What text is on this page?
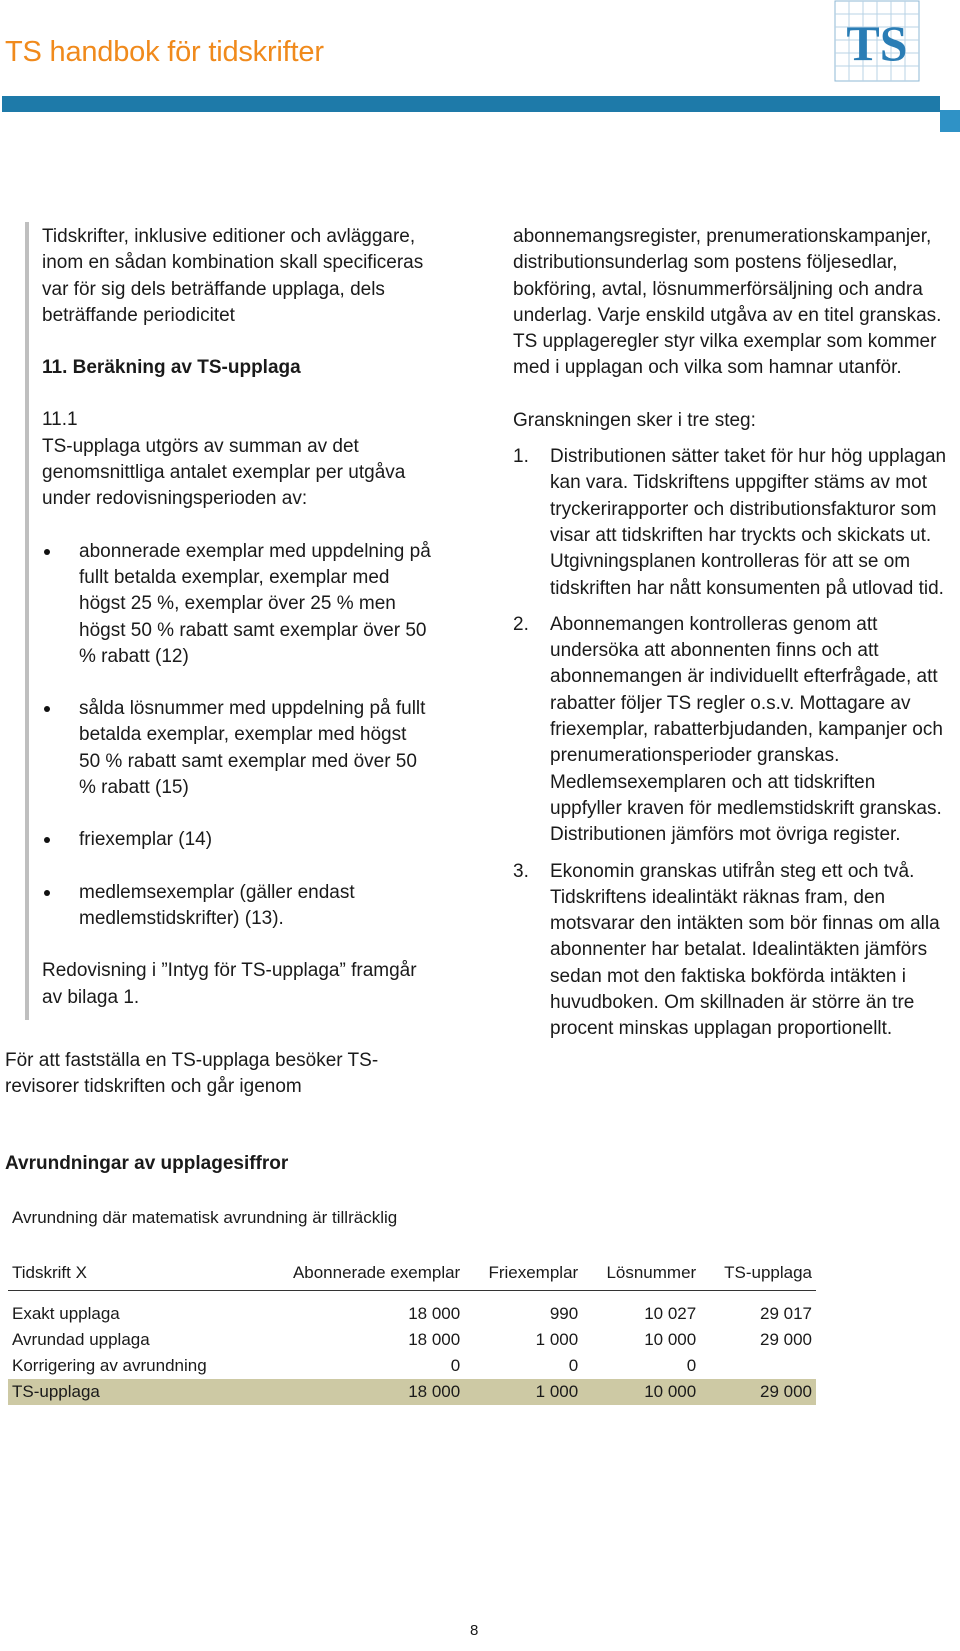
TS handbok för tidskrifter	TS

Tidskrifter, inklusive editioner och avläggare, inom en sådan kombination skall specificeras var för sig dels beträffande upplaga, dels beträffande periodicitet

11. Beräkning av TS-upplaga

11.1

TS-upplaga utgörs av summan av det genomsnittliga antalet exemplar per utgåva under redovisningsperioden av:

abonnerade exemplar med uppdelning på fullt betalda exemplar, exemplar med högst 25 %, exemplar över 25 % men högst 50 % rabatt samt exemplar över 50 % rabatt (12)
sålda lösnummer med uppdelning på fullt betalda exemplar, exemplar med högst 50 % rabatt samt exemplar med över 50 % rabatt (15)
friexemplar (14)
medlemsexemplar (gäller endast medlemstidskrifter) (13).

Redovisning i ”Intyg för TS-upplaga” framgår av bilaga 1.

För att fastställa en TS-upplaga besöker TS-revisorer tidskriften och går igenom

abonnemangsregister, prenumerationskampanjer, distributionsunderlag som postens följesedlar, bokföring, avtal, lösnummerförsäljning och andra underlag. Varje enskild utgåva av en titel granskas. TS upplageregler styr vilka exemplar som kommer med i upplagan och vilka som hamnar utanför.

Granskningen sker i tre steg:

1. Distributionen sätter taket för hur hög upplagan kan vara. Tidskriftens uppgifter stäms av mot tryckerirapporter och distributionsfakturor som visar att tidskriften har tryckts och skickats ut. Utgivningsplanen kontrolleras för att se om tidskriften har nått konsumenten på utlovad tid.
2. Abonnemangen kontrolleras genom att undersöka att abonnenten finns och att abonnemangen är individuellt efterfrågade, att rabatter följer TS regler o.s.v. Mottagare av friexemplar, rabatterbjudanden, kampanjer och prenumerationsperioder granskas. Medlemsexemplaren och att tidskriften uppfyller kraven för medlemstidskrift granskas. Distributionen jämförs mot övriga register.
3. Ekonomin granskas utifrån steg ett och två. Tidskriftens idealintäkt räknas fram, den motsvarar den intäkten som bör finnas om alla abonnenter har betalat. Idealintäkten jämförs sedan mot den faktiska bokförda intäkten i huvudboken. Om skillnaden är större än tre procent minskas upplagan proportionellt.
Avrundningar av upplagesiffror
Avrundning där matematisk avrundning är tillräcklig
Tidskrift X	Abonnerade exemplar	Friexemplar	Lösnummer	TS-upplaga
Exakt upplaga	18 000	990	10 027	29 017
Avrundad upplaga	18 000	1 000	10 000	29 000
Korrigering av avrundning	0	0	0	
TS-upplaga	18 000	1 000	10 000	29 000
8
